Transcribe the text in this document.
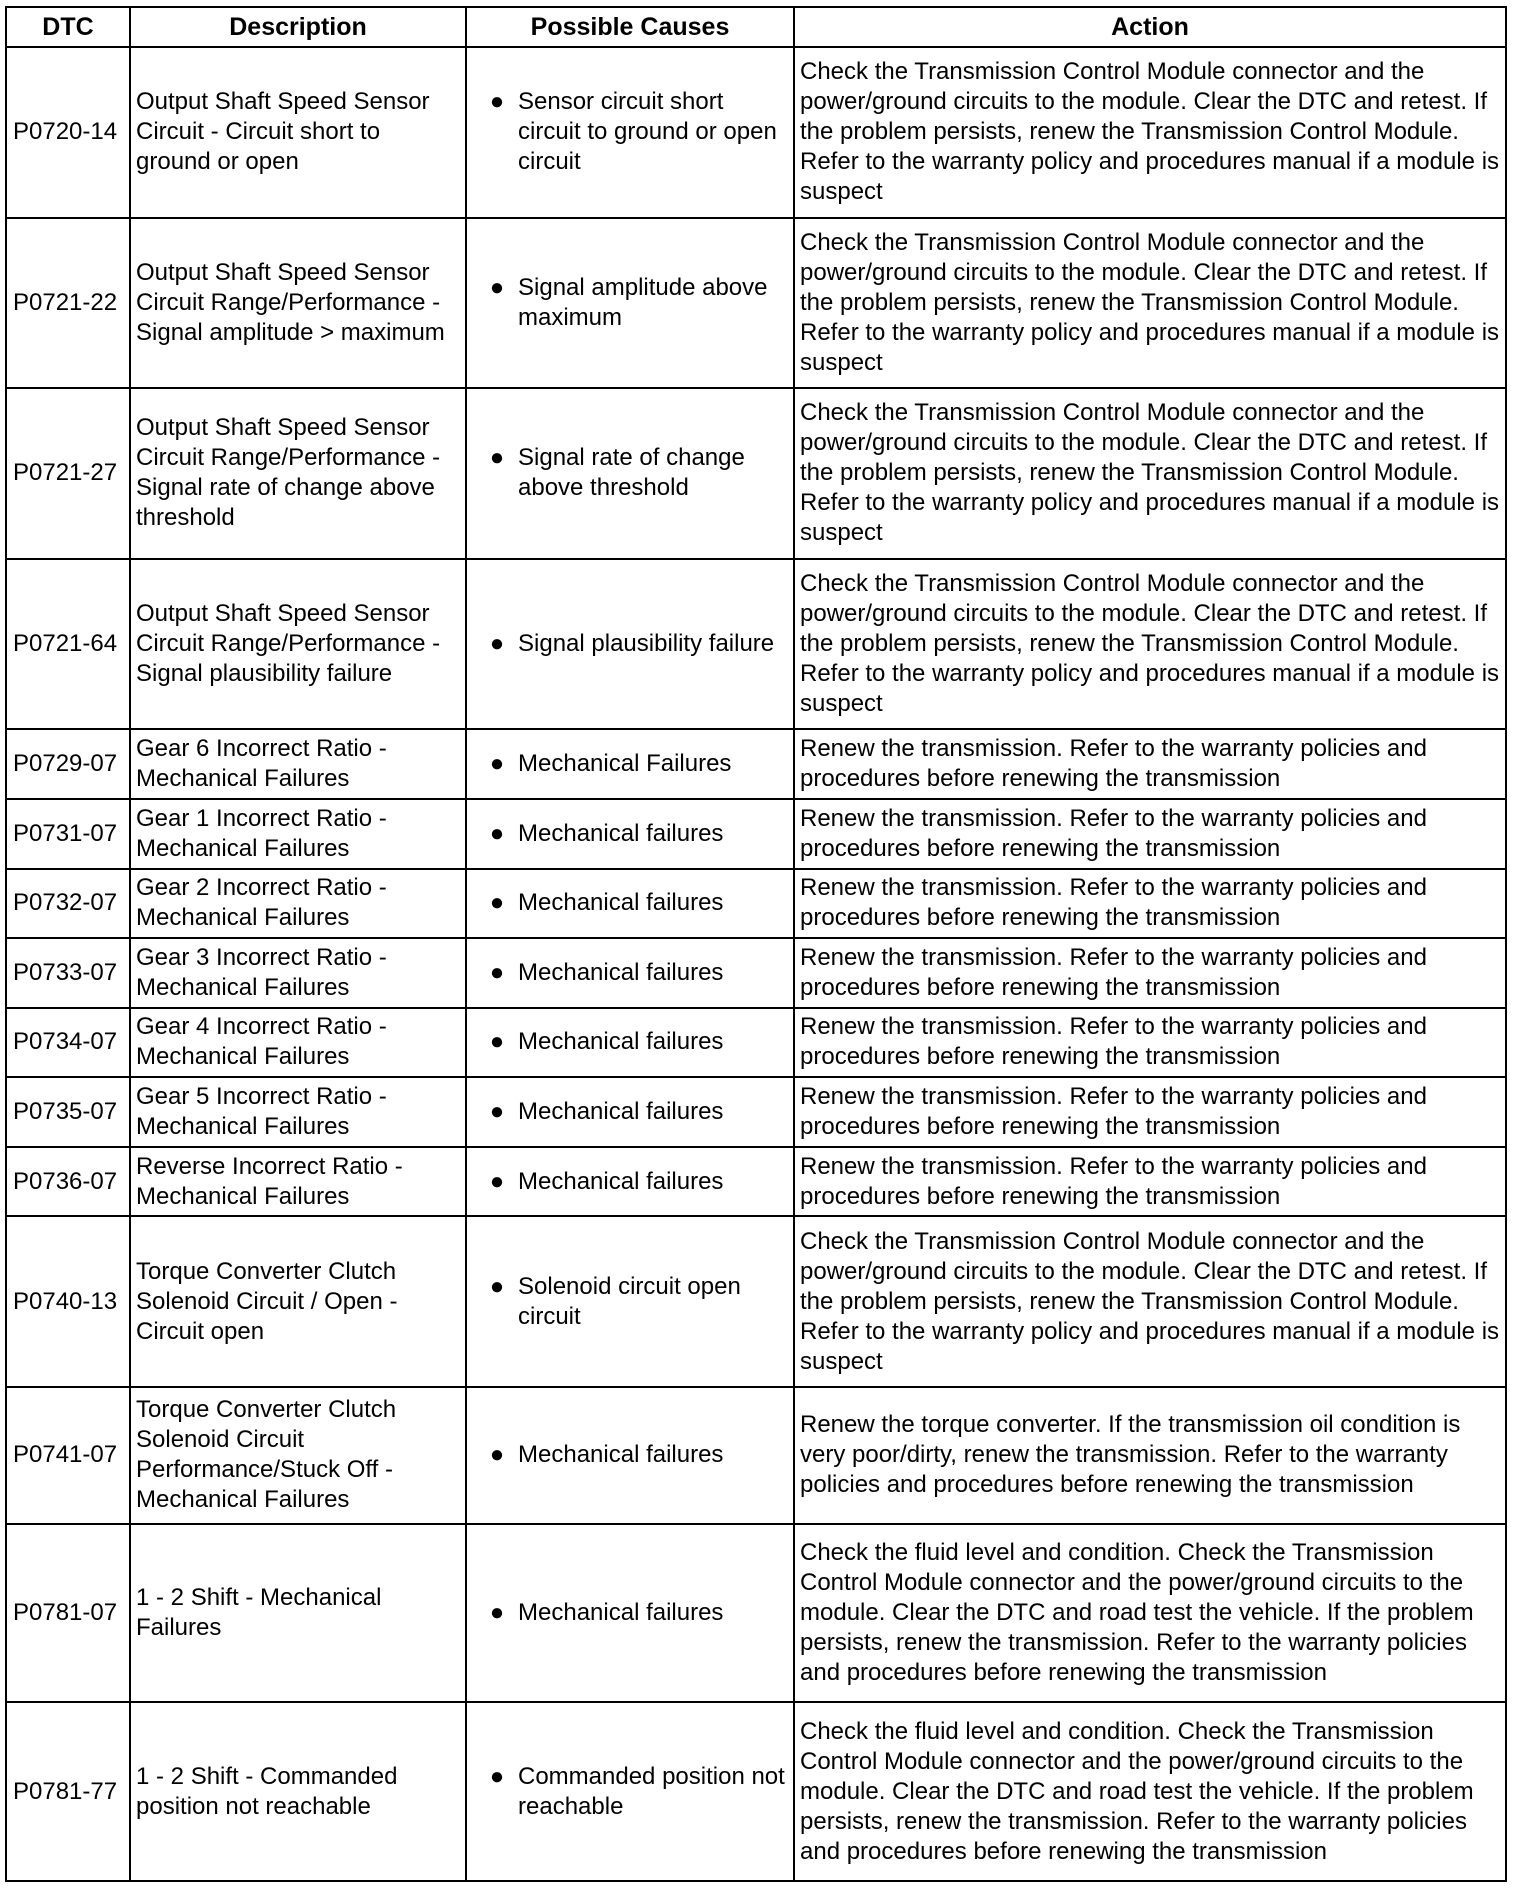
DTC	Description	Possible Causes	Action
P0720-14	Output Shaft Speed Sensor Circuit - Circuit short to ground or open	● Sensor circuit short circuit to ground or open circuit	Check the Transmission Control Module connector and the power/ground circuits to the module. Clear the DTC and retest. If the problem persists, renew the Transmission Control Module. Refer to the warranty policy and procedures manual if a module is suspect
P0721-22	Output Shaft Speed Sensor Circuit Range/Performance - Signal amplitude > maximum	● Signal amplitude above maximum	Check the Transmission Control Module connector and the power/ground circuits to the module. Clear the DTC and retest. If the problem persists, renew the Transmission Control Module. Refer to the warranty policy and procedures manual if a module is suspect
P0721-27	Output Shaft Speed Sensor Circuit Range/Performance - Signal rate of change above threshold	● Signal rate of change above threshold	Check the Transmission Control Module connector and the power/ground circuits to the module. Clear the DTC and retest. If the problem persists, renew the Transmission Control Module. Refer to the warranty policy and procedures manual if a module is suspect
P0721-64	Output Shaft Speed Sensor Circuit Range/Performance - Signal plausibility failure	● Signal plausibility failure	Check the Transmission Control Module connector and the power/ground circuits to the module. Clear the DTC and retest. If the problem persists, renew the Transmission Control Module. Refer to the warranty policy and procedures manual if a module is suspect
P0729-07	Gear 6 Incorrect Ratio - Mechanical Failures	● Mechanical Failures	Renew the transmission. Refer to the warranty policies and procedures before renewing the transmission
P0731-07	Gear 1 Incorrect Ratio - Mechanical Failures	● Mechanical failures	Renew the transmission. Refer to the warranty policies and procedures before renewing the transmission
P0732-07	Gear 2 Incorrect Ratio - Mechanical Failures	● Mechanical failures	Renew the transmission. Refer to the warranty policies and procedures before renewing the transmission
P0733-07	Gear 3 Incorrect Ratio - Mechanical Failures	● Mechanical failures	Renew the transmission. Refer to the warranty policies and procedures before renewing the transmission
P0734-07	Gear 4 Incorrect Ratio - Mechanical Failures	● Mechanical failures	Renew the transmission. Refer to the warranty policies and procedures before renewing the transmission
P0735-07	Gear 5 Incorrect Ratio - Mechanical Failures	● Mechanical failures	Renew the transmission. Refer to the warranty policies and procedures before renewing the transmission
P0736-07	Reverse Incorrect Ratio - Mechanical Failures	● Mechanical failures	Renew the transmission. Refer to the warranty policies and procedures before renewing the transmission
P0740-13	Torque Converter Clutch Solenoid Circuit / Open - Circuit open	● Solenoid circuit open circuit	Check the Transmission Control Module connector and the power/ground circuits to the module. Clear the DTC and retest. If the problem persists, renew the Transmission Control Module. Refer to the warranty policy and procedures manual if a module is suspect
P0741-07	Torque Converter Clutch Solenoid Circuit Performance/Stuck Off - Mechanical Failures	● Mechanical failures	Renew the torque converter. If the transmission oil condition is very poor/dirty, renew the transmission. Refer to the warranty policies and procedures before renewing the transmission
P0781-07	1 - 2 Shift - Mechanical Failures	● Mechanical failures	Check the fluid level and condition. Check the Transmission Control Module connector and the power/ground circuits to the module. Clear the DTC and road test the vehicle. If the problem persists, renew the transmission. Refer to the warranty policies and procedures before renewing the transmission
P0781-77	1 - 2 Shift - Commanded position not reachable	● Commanded position not reachable	Check the fluid level and condition. Check the Transmission Control Module connector and the power/ground circuits to the module. Clear the DTC and road test the vehicle. If the problem persists, renew the transmission. Refer to the warranty policies and procedures before renewing the transmission
